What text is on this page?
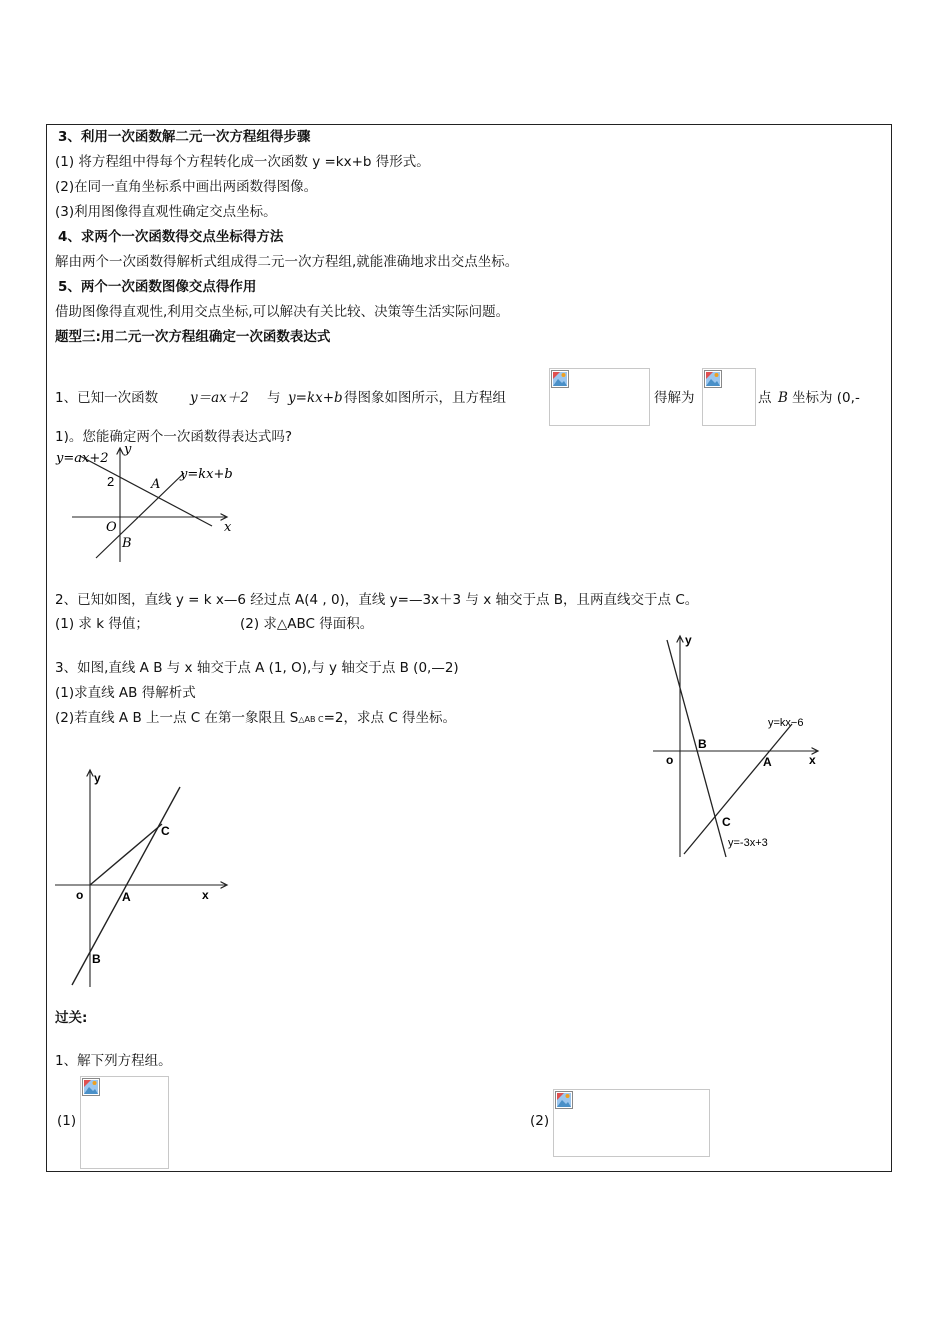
3、利用一次函数解二元一次方程组得步骤
(1) 将方程组中得每个方程转化成一次函数 y =kx+b 得形式。
(2)在同一直角坐标系中画出两函数得图像。
(3)利用图像得直观性确定交点坐标。
4、求两个一次函数得交点坐标得方法
解由两个一次函数得解析式组成得二元一次方程组,就能准确地求出交点坐标。
5、两个一次函数图像交点得作用
借助图像得直观性,利用交点坐标,可以解决有关比较、决策等生活实际问题。
题型三:用二元一次方程组确定一次函数表达式
1、已知一次函数 y＝ax＋2 与 y=kx+b 得图象如图所示，且方程组	得解为	点 B 坐标为 (0,-
1)。您能确定两个一次函数得表达式吗?
y=ax+2
y=kx+b
y
x
2
O
A
B
2、已知如图，直线 y = k x—6 经过点 A(4 , 0)，直线 y=—3x＋3 与 x 轴交于点 B，且两直线交于点 C。
(1) 求 k 得值；	(2) 求△ABC 得面积。
y
x
o
B
A
C
y=kx−6
y=-3x+3
3、如图,直线 A B 与 x 轴交于点 A (1, O),与 y 轴交于点 B (0,—2)
(1)求直线 AB 得解析式
(2)若直线 A B 上一点 C 在第一象限且 S△AB C=2，求点 C 得坐标。
y
x
o	A
B
C
过关:
1、解下列方程组。
(1)	(2)
